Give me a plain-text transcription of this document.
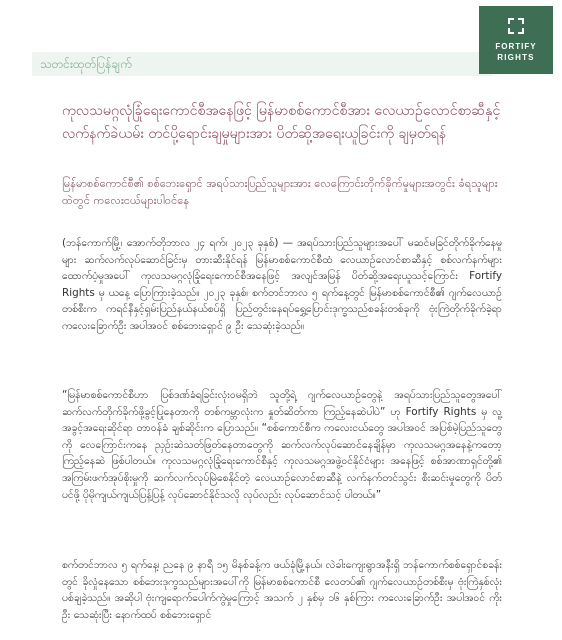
သတင်းထုတ်ပြန်ချက်
FORTIFY
RIGHTS
ကုလသမဂ္ဂလုံခြုံရေးကောင်စီအနေဖြင့် မြန်မာစစ်ကောင်စီအား လေယာဉ်လောင်စာဆီနှင့် လက်နက်ခဲယမ်း တင်ပို့ရောင်းချမှုများအား ပိတ်ဆို့အရေးယူခြင်းကို ချမှတ်ရန်

မြန်မာစစ်ကောင်စီ၏ စစ်ဘေးရှောင် အရပ်သားပြည်သူများအား လေကြောင်းတိုက်ခိုက်မှုများအတွင်း ခံရသူများထဲတွင် ကလေးငယ်များပါဝင်နေ

(ဘန်ကောက်မြို့၊ အောက်တိုဘာလ ၂၄ ရက်၊ ၂၀၂၃ ခုနှစ်) — အရပ်သားပြည်သူများအပေါ် မဆင်မခြင်တိုက်ခိုက်နေမှုများ ဆက်လက်လုပ်ဆောင်ခြင်းမှ တားဆီးနိုင်ရန် မြန်မာစစ်ကောင်စီထံ လေယာဉ်လောင်စာဆီနှင့် စစ်လက်နက်များ ထောက်ပံ့မှုအပေါ် ကုလသမဂ္ဂလုံခြုံရေးကောင်စီအနေဖြင့် အလျင်အမြန် ပိတ်ဆို့အရေးယူသင့်ကြောင်း Fortify Rights မှ ယနေ့ ပြောကြားခဲ့သည်။ ၂၀၂၃ ခုနှစ်၊ စက်တင်ဘာလ ၅ ရက်နေ့တွင် မြန်မာစစ်ကောင်စီ၏ ဂျက်လေယာဉ်တစ်စီးက ကရင်နီနှင့်ရှမ်းပြည်နယ်နယ်စပ်ရှိ ပြည်တွင်းနေရပ်ရွှေ့ပြောင်းဒုက္ခသည်စခန်းတစ်ခုကို ဗုံးကြဲတိုက်ခိုက်ခဲ့ရာ ကလေးခြောက်ဦး အပါအဝင် စစ်ဘေးရှောင် ၉ ဦး သေဆုံးခဲ့သည်။

“မြန်မာစစ်ကောင်စီဟာ ပြစ်ဒဏ်ခံရခြင်းလုံးဝမရှိဘဲ သူတို့ရဲ့ ဂျက်လေယာဉ်တွေနဲ့ အရပ်သားပြည်သူတွေအပေါ် ဆက်လက်တိုက်ခိုက်ဖို့ခွင့်ပြုနေတာကို တစ်ကမ္ဘာလုံးက နှုတ်ဆိတ်ကာ ကြည့်နေဆဲပါပဲ” ဟု Fortify Rights မှ လူ့အခွင့်အရေးဆိုင်ရာ တာဝန်ခံ ချစ်ဆိုင်းက ပြောသည်။ “စစ်ကောင်စီက ကလေးငယ်တွေ အပါအဝင် အပြစ်မဲ့ပြည်သူတွေကို လေကြောင်းကနေ ညှဉ်းဆဲသတ်ဖြတ်နေတာတွေကို ဆက်လက်လုပ်ဆောင်နေချိန်မှာ ကုလသမဂ္ဂအနေနဲ့ကတော့ ကြည့်နေဆဲ ဖြစ်ပါတယ်။ ကုလသမဂ္ဂလုံခြုံရေးကောင်စီနှင့် ကုလသမဂ္ဂအဖွဲ့ဝင်နိုင်ငံများ အနေဖြင့် စစ်အာဏာရှင်တို့၏ အကြမ်းဖက်အုပ်စိုးမှုကို ဆက်လက်လုပ်မြဲစေနိုင်တဲ့ လေယာဉ်လောင်စာဆီနဲ့ လက်နက်တင်သွင်း စီးဆင်းမှုတွေကို ပိတ်ပင်ဖို့ ပိုမိုကျယ်ကျယ်ပြန့်ပြန့် လုပ်ဆောင်နိုင်သလို လုပ်လည်း လုပ်ဆောင်သင့် ပါတယ်။”

စက်တင်ဘာလ ၅ ရက်နေ့၊ ညနေ ၉ နာရီ ၁၅ မိနစ်ခန့်က ဖယ်ခုံမြို့နယ်၊ လဲခါးကျေးရွာအနီးရှိ ဘန်ကောက်စစ်ရှောင်စခန်းတွင် ခိုလှုံနေသော စစ်ဘေးဒုက္ခသည်များအပေါ်ကို မြန်မာစစ်ကောင်စီ လေတပ်၏ ဂျက်လေယာဉ်တစ်စီးမှ ဗုံးကြဲနှစ်လုံး ပစ်ချခဲ့သည်။ အဆိုပါ ဗုံးကျရောက်ပေါက်ကွဲမှုကြောင့် အသက် ၂ နှစ်မှ ၁၆ နှစ်ကြား ကလေးခြောက်ဦး အပါအဝင် ကိုးဦး သေဆုံးပြီး နောက်ထပ် စစ်ဘေးရှောင်
